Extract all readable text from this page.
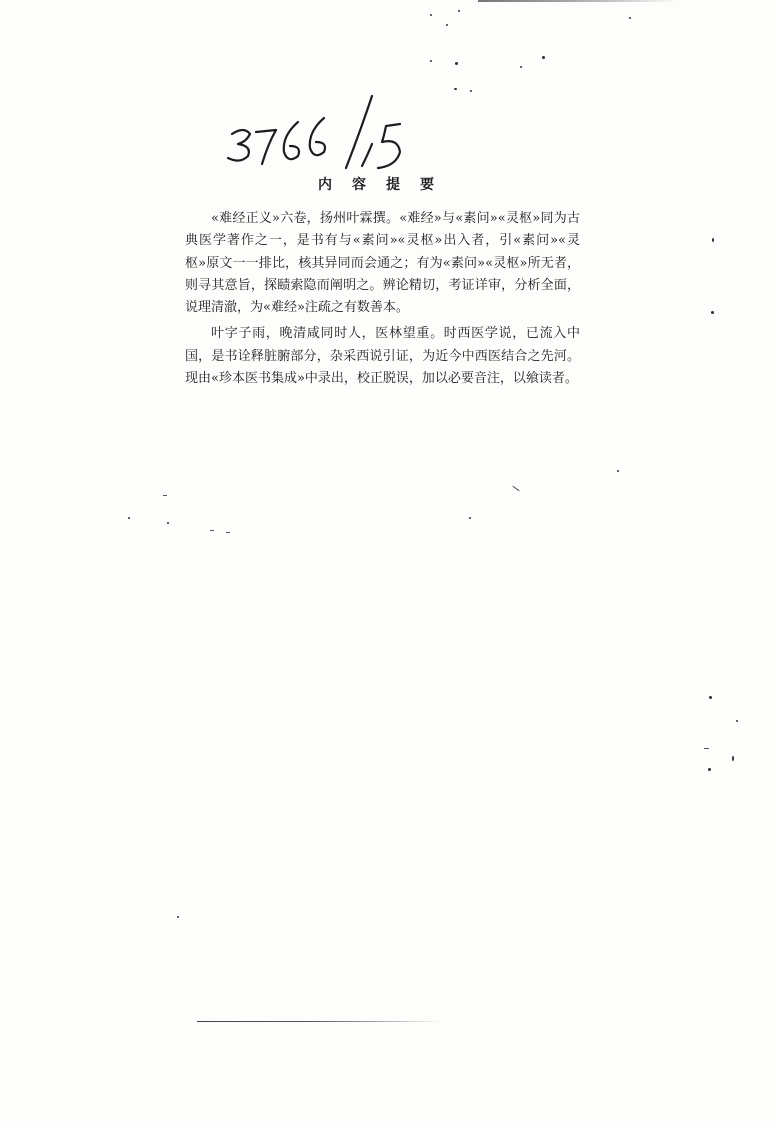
内容提要

«难经正义»六卷，扬州叶霖撰。«难经»与«素问»«灵枢»同为古典医学著作之一，是书有与«素问»«灵枢»出入者，引«素问»«灵枢»原文一一排比，核其异同而会通之；有为«素问»«灵枢»所无者，则寻其意旨，探赜索隐而阐明之。辨论精切，考证详审，分析全面，说理清澈，为«难经»注疏之有数善本。

叶字子雨，晚清咸同时人，医林望重。时西医学说，已流入中国，是书诠释脏腑部分，杂采西说引证，为近今中西医结合之先河。现由«珍本医书集成»中录出，校正脱误，加以必要音注，以飨读者。
